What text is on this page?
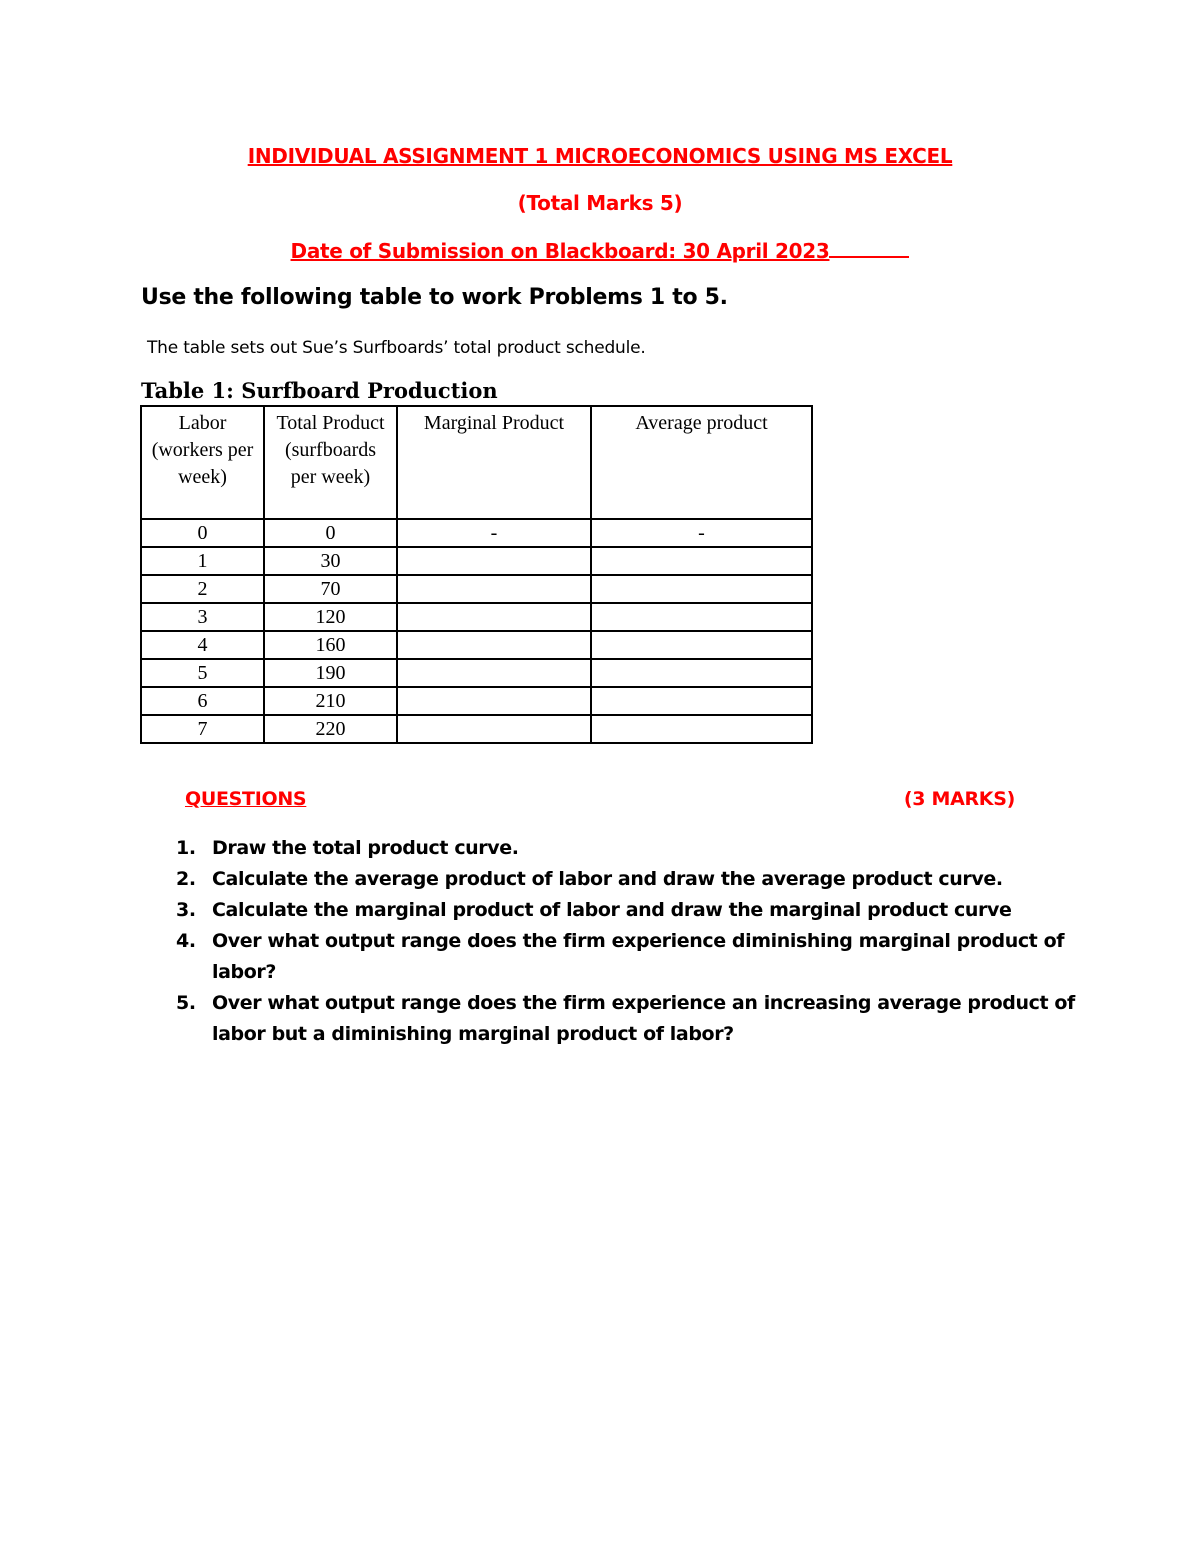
INDIVIDUAL ASSIGNMENT 1 MICROECONOMICS USING MS EXCEL
(Total Marks 5)
Date of Submission on Blackboard: 30 April 2023
Use the following table to work Problems 1 to 5.
The table sets out Sue’s Surfboards’ total product schedule.
Table 1: Surfboard Production
Labor (workers per week)	Total Product (surfboards per week)	Marginal Product	Average product
0	0	-	-
1	30		
2	70		
3	120		
4	160		
5	190		
6	210		
7	220		
QUESTIONS	(3 MARKS)
1. Draw the total product curve.
2. Calculate the average product of labor and draw the average product curve.
3. Calculate the marginal product of labor and draw the marginal product curve
4. Over what output range does the firm experience diminishing marginal product of labor?
5. Over what output range does the firm experience an increasing average product of labor but a diminishing marginal product of labor?
